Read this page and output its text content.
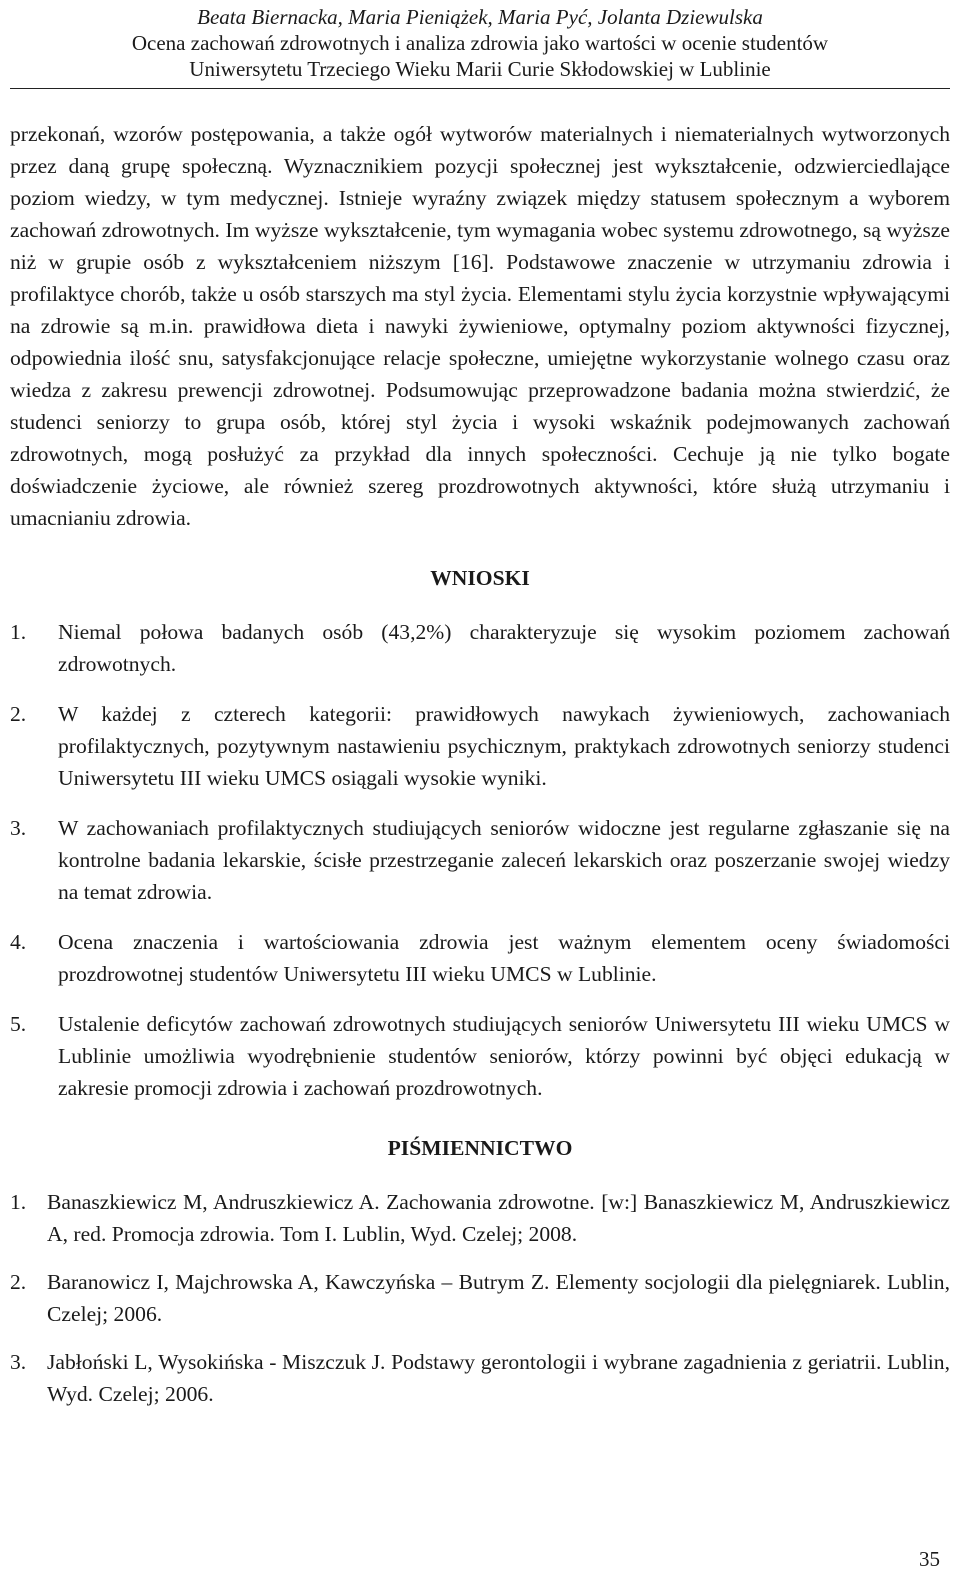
Beata Biernacka, Maria Pieniążek, Maria Pyć, Jolanta Dziewulska
Ocena zachowań zdrowotnych i analiza zdrowia jako wartości w ocenie studentów
Uniwersytetu Trzeciego Wieku Marii Curie Skłodowskiej w Lublinie

przekonań, wzorów postępowania, a także ogół wytworów materialnych i niematerialnych wytworzonych przez daną grupę społeczną. Wyznacznikiem pozycji społecznej jest wykształcenie, odzwierciedlające poziom wiedzy, w tym medycznej. Istnieje wyraźny związek między statusem społecznym a wyborem zachowań zdrowotnych. Im wyższe wykształcenie, tym wymagania wobec systemu zdrowotnego, są wyższe niż w grupie osób z wykształceniem niższym [16]. Podstawowe znaczenie w utrzymaniu zdrowia i profilaktyce chorób, także u osób starszych ma styl życia. Elementami stylu życia korzystnie wpływającymi na zdrowie są m.in. prawidłowa dieta i nawyki żywieniowe, optymalny poziom aktywności fizycznej, odpowiednia ilość snu, satysfakcjonujące relacje społeczne, umiejętne wykorzystanie wolnego czasu oraz wiedza z zakresu prewencji zdrowotnej. Podsumowując przeprowadzone badania można stwierdzić, że studenci seniorzy to grupa osób, której styl życia i wysoki wskaźnik podejmowanych zachowań zdrowotnych, mogą posłużyć za przykład dla innych społeczności. Cechuje ją nie tylko bogate doświadczenie życiowe, ale również szereg prozdrowotnych aktywności, które służą utrzymaniu i umacnianiu zdrowia.

WNIOSKI
1.	Niemal połowa badanych osób (43,2%) charakteryzuje się wysokim poziomem zachowań zdrowotnych.
2.	W każdej z czterech kategorii: prawidłowych nawykach żywieniowych, zachowaniach profilaktycznych, pozytywnym nastawieniu psychicznym, praktykach zdrowotnych seniorzy studenci Uniwersytetu III wieku UMCS osiągali wysokie wyniki.
3.	W zachowaniach profilaktycznych studiujących seniorów widoczne jest regularne zgłaszanie się na kontrolne badania lekarskie, ścisłe przestrzeganie zaleceń lekarskich oraz poszerzanie swojej wiedzy na temat zdrowia.
4.	Ocena znaczenia i wartościowania zdrowia jest ważnym elementem oceny świadomości prozdrowotnej studentów Uniwersytetu III wieku UMCS w Lublinie.
5.	Ustalenie deficytów zachowań zdrowotnych studiujących seniorów Uniwersytetu III wieku UMCS w Lublinie umożliwia wyodrębnienie studentów seniorów, którzy powinni być objęci edukacją w zakresie promocji zdrowia i zachowań prozdrowotnych.
PIŚMIENNICTWO
1. Banaszkiewicz M, Andruszkiewicz A. Zachowania zdrowotne. [w:] Banaszkiewicz M, Andruszkiewicz A, red. Promocja zdrowia. Tom I. Lublin, Wyd. Czelej; 2008.
2. Baranowicz I, Majchrowska A, Kawczyńska – Butrym Z. Elementy socjologii dla pielęgniarek. Lublin, Czelej; 2006.
3. Jabłoński L, Wysokińska - Miszczuk J. Podstawy gerontologii i wybrane zagadnienia z geriatrii. Lublin, Wyd. Czelej; 2006.
35
